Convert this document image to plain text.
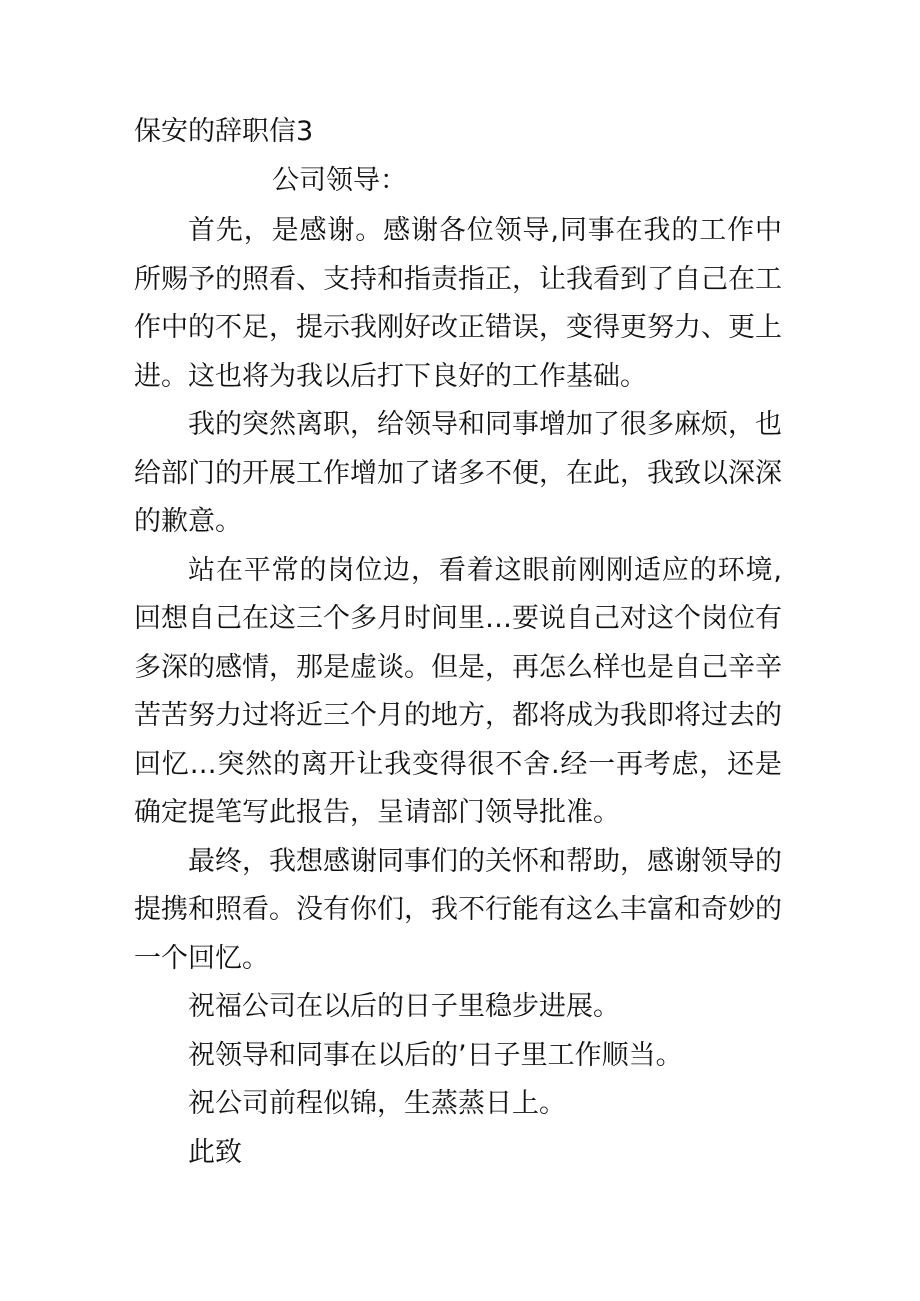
保安的辞职信3
公司领导：

首先，是感谢。感谢各位领导,同事在我的工作中所赐予的照看、支持和指责指正，让我看到了自己在工作中的不足，提示我刚好改正错误，变得更努力、更上进。这也将为我以后打下良好的工作基础。

我的突然离职，给领导和同事增加了很多麻烦，也给部门的开展工作增加了诸多不便，在此，我致以深深的歉意。

站在平常的岗位边，看着这眼前刚刚适应的环境,回想自己在这三个多月时间里…要说自己对这个岗位有多深的感情，那是虚谈。但是，再怎么样也是自己辛辛苦苦努力过将近三个月的地方，都将成为我即将过去的回忆…突然的离开让我变得很不舍.经一再考虑，还是确定提笔写此报告，呈请部门领导批准。

最终，我想感谢同事们的关怀和帮助，感谢领导的提携和照看。没有你们，我不行能有这么丰富和奇妙的一个回忆。

祝福公司在以后的日子里稳步进展。

祝领导和同事在以后的’日子里工作顺当。

祝公司前程似锦，生蒸蒸日上。

此致
